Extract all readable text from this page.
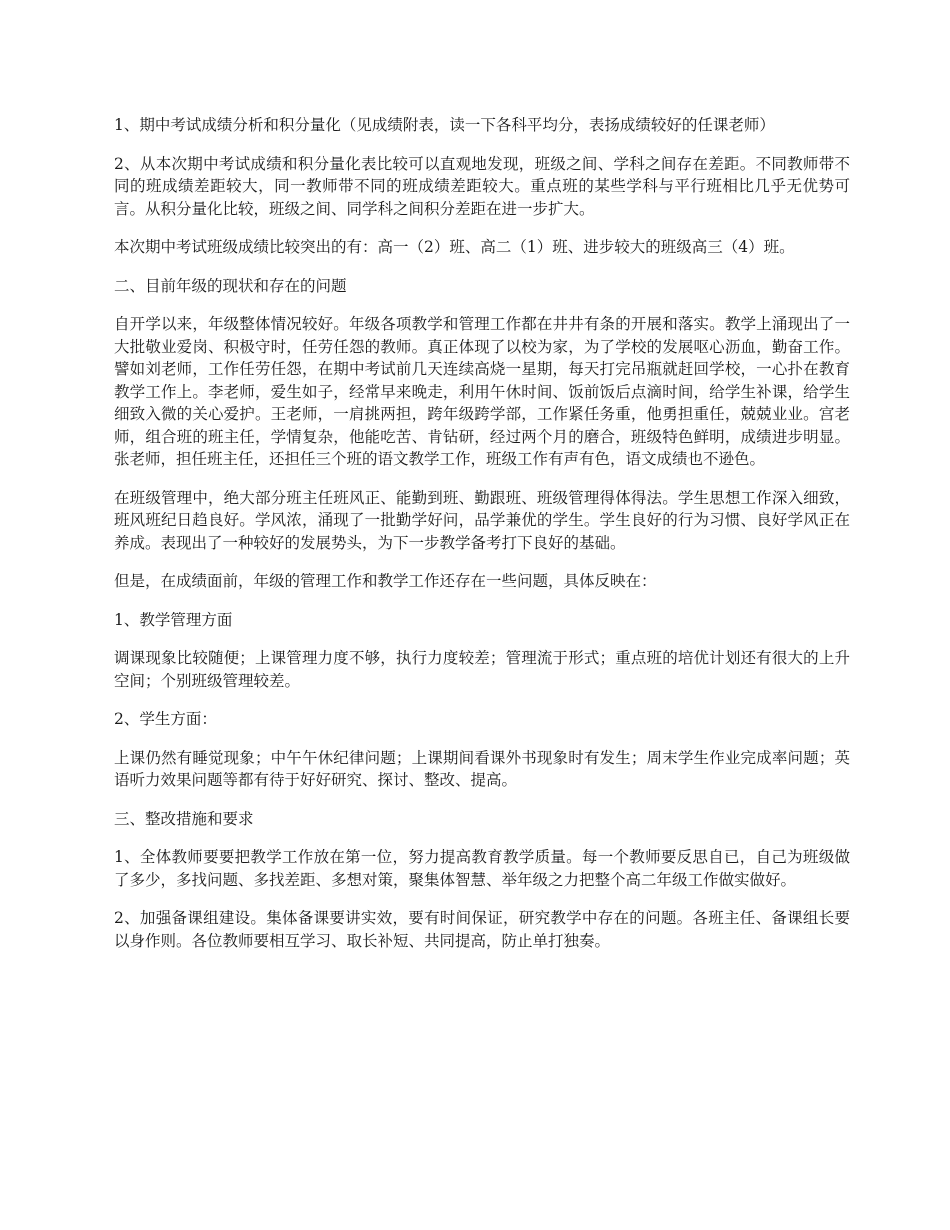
1、期中考试成绩分析和积分量化（见成绩附表，读一下各科平均分，表扬成绩较好的任课老师）

2、从本次期中考试成绩和积分量化表比较可以直观地发现，班级之间、学科之间存在差距。不同教师带不同的班成绩差距较大，同一教师带不同的班成绩差距较大。重点班的某些学科与平行班相比几乎无优势可言。从积分量化比较，班级之间、同学科之间积分差距在进一步扩大。

本次期中考试班级成绩比较突出的有：高一（2）班、高二（1）班、进步较大的班级高三（4）班。

二、目前年级的现状和存在的问题

自开学以来，年级整体情况较好。年级各项教学和管理工作都在井井有条的开展和落实。教学上涌现出了一大批敬业爱岗、积极守时，任劳任怨的教师。真正体现了以校为家，为了学校的发展呕心沥血，勤奋工作。譬如刘老师，工作任劳任怨，在期中考试前几天连续高烧一星期，每天打完吊瓶就赶回学校，一心扑在教育教学工作上。李老师，爱生如子，经常早来晚走，利用午休时间、饭前饭后点滴时间，给学生补课，给学生细致入微的关心爱护。王老师，一肩挑两担，跨年级跨学部，工作紧任务重，他勇担重任，兢兢业业。宫老师，组合班的班主任，学情复杂，他能吃苦、肯钻研，经过两个月的磨合，班级特色鲜明，成绩进步明显。张老师，担任班主任，还担任三个班的语文教学工作，班级工作有声有色，语文成绩也不逊色。

在班级管理中，绝大部分班主任班风正、能勤到班、勤跟班、班级管理得体得法。学生思想工作深入细致，班风班纪日趋良好。学风浓，涌现了一批勤学好问，品学兼优的学生。学生良好的行为习惯、良好学风正在养成。表现出了一种较好的发展势头，为下一步教学备考打下良好的基础。

但是，在成绩面前，年级的管理工作和教学工作还存在一些问题，具体反映在：

1、教学管理方面

调课现象比较随便；上课管理力度不够，执行力度较差；管理流于形式；重点班的培优计划还有很大的上升空间；个别班级管理较差。

2、学生方面：

上课仍然有睡觉现象；中午午休纪律问题；上课期间看课外书现象时有发生；周末学生作业完成率问题；英语听力效果问题等都有待于好好研究、探讨、整改、提高。

三、整改措施和要求

1、全体教师要要把教学工作放在第一位，努力提高教育教学质量。每一个教师要反思自已，自己为班级做了多少，多找问题、多找差距、多想对策，聚集体智慧、举年级之力把整个高二年级工作做实做好。

2、加强备课组建设。集体备课要讲实效，要有时间保证，研究教学中存在的问题。各班主任、备课组长要以身作则。各位教师要相互学习、取长补短、共同提高，防止单打独奏。
